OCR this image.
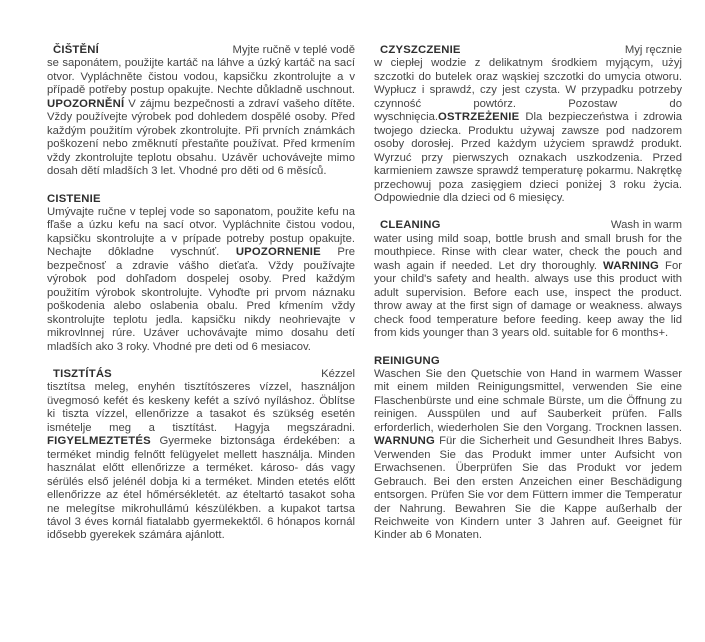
ČIŠTĚNÍ	Myjte ručně v teplé vodě

se saponátem, použijte kartáč na láhve a úzký kartáč na sací otvor. Vypláchněte čistou vodou, kapsičku zkontrolujte a v případě potřeby postup opakujte. Nechte důkladně uschnout. UPOZORNĚNÍ V zájmu bezpečnosti a zdraví vašeho dítěte. Vždy používejte výrobek pod dohledem dospělé osoby. Před každým použitím výrobek zkontrolujte. Při prvních známkách poškození nebo změknutí přestaňte používat. Před krmením vždy zkontrolujte teplotu obsahu. Uzávěr uchovávejte mimo dosah dětí mladších 3 let. Vhodné pro děti od 6 měsíců.

CISTENIE

Umývajte ručne v teplej vode so saponatom, použite kefu na fľaše a úzku kefu na sací otvor. Vypláchnite čistou vodou, kapsičku skontrolujte a v prípade potreby postup opakujte. Nechajte dôkladne vyschnúť. UPOZORNENIE Pre bezpečnosť a zdravie vášho dieťaťa. Vždy používajte výrobok pod dohľadom dospelej osoby. Pred každým použitím výrobok skontrolujte. Vyhoďte pri prvom náznaku poškodenia alebo oslabenia obalu. Pred kŕmením vždy skontrolujte teplotu jedla. kapsičku nikdy neohrievajte v mikrovlnnej rúre. Uzáver uchovávajte mimo dosahu detí mladších ako 3 roky. Vhodné pre deti od 6 mesiacov.

TISZTÍTÁS	Kézzel

tisztítsa meleg, enyhén tisztítószeres vízzel, használjon üvegmosó kefét és keskeny kefét a szívó nyíláshoz. Öblítse ki tiszta vízzel, ellenőrizze a tasakot és szükség esetén ismételje meg a tisztítást. Hagyja megszáradni. FIGYELMEZTETÉS Gyermeke biztonsága érdekében: a terméket mindig felnőtt felügyelet mellett használja. Minden használat előtt ellenőrizze a terméket. károso- dás vagy sérülés első jelénél dobja ki a terméket. Minden etetés előtt ellenőrizze az étel hőmérsékletét. az ételtartó tasakot soha ne melegítse mikrohullámú készülékben. a kupakot tartsa távol 3 éves kornál fiatalabb gyermekektől. 6 hónapos kornál idősebb gyerekek számára ajánlott.

CZYSZCZENIE	Myj ręcznie

w ciepłej wodzie z delikatnym środkiem myjącym, użyj szczotki do butelek oraz wąskiej szczotki do umycia otworu. Wypłucz i sprawdź, czy jest czysta. W przypadku potrzeby czynność powtórz. Pozostaw do wyschnięcia.OSTRZEŻENIE Dla bezpieczeństwa i zdrowia twojego dziecka. Produktu używaj zawsze pod nadzorem osoby dorosłej. Przed każdym użyciem sprawdź produkt. Wyrzuć przy pierwszych oznakach uszkodzenia. Przed karmieniem zawsze sprawdź temperaturę pokarmu. Nakrętkę przechowuj poza zasięgiem dzieci poniżej 3 roku życia. Odpowiednie dla dzieci od 6 miesięcy.

CLEANING	Wash in warm

water using mild soap, bottle brush and small brush for the mouthpiece. Rinse with clear water, check the pouch and wash again if needed. Let dry thoroughly. WARNING For your child's safety and health. always use this product with adult supervision. Before each use, inspect the product. throw away at the first sign of damage or weakness. always check food temperature before feeding. keep away the lid from kids younger than 3 years old. suitable for 6 months+.

REINIGUNG

Waschen Sie den Quetschie von Hand in warmem Wasser mit einem milden Reinigungsmittel, verwenden Sie eine Flaschenbürste und eine schmale Bürste, um die Öffnung zu reinigen. Ausspülen und auf Sauberkeit prüfen. Falls erforderlich, wiederholen Sie den Vorgang. Trocknen lassen. WARNUNG Für die Sicherheit und Gesundheit Ihres Babys. Verwenden Sie das Produkt immer unter Aufsicht von Erwachsenen. Überprüfen Sie das Produkt vor jedem Gebrauch. Bei den ersten Anzeichen einer Beschädigung entsorgen. Prüfen Sie vor dem Füttern immer die Temperatur der Nahrung. Bewahren Sie die Kappe außerhalb der Reichweite von Kindern unter 3 Jahren auf. Geeignet für Kinder ab 6 Monaten.
